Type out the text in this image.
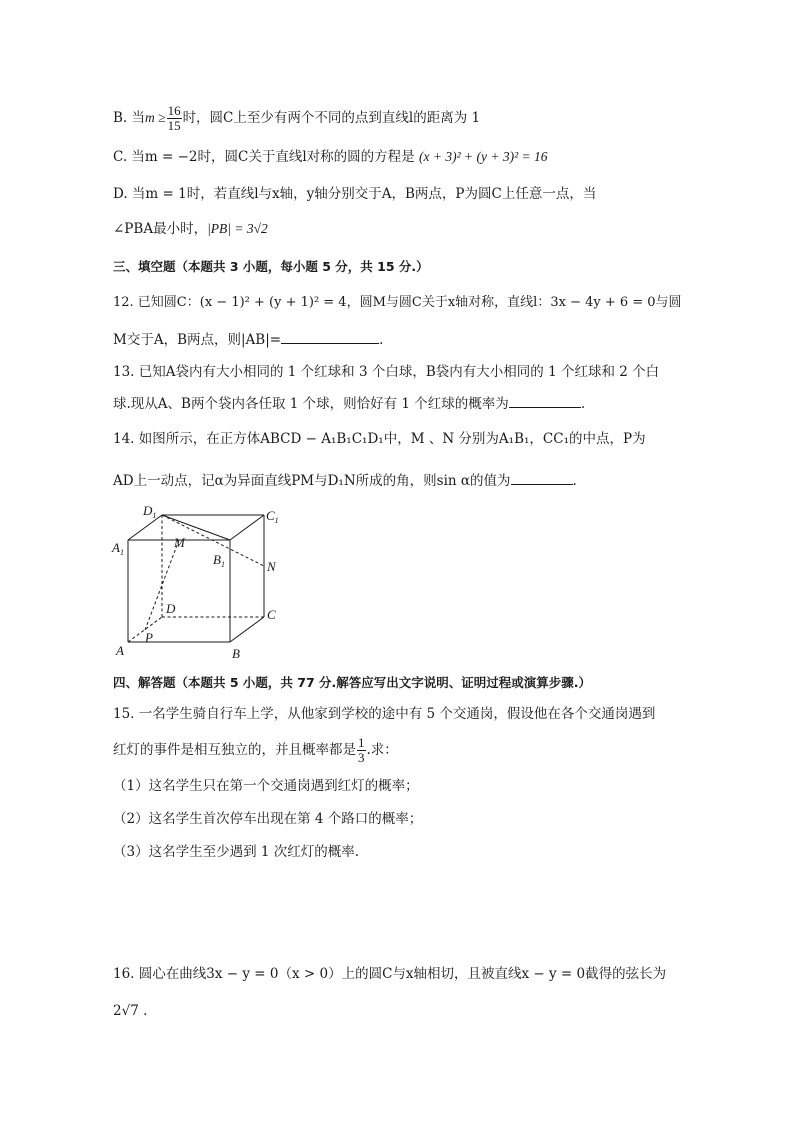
B. 当$m \ge \frac{16}{15}$ 时，圆C上至少有两个不同的点到直线l的距离为 1
C. 当m = −2时，圆C关于直线l对称的圆的方程是 (x + 3)² + (y + 3)² = 16
D. 当m = 1时，若直线l与x轴，y轴分别交于A，B两点，P为圆C上任意一点，当
∠PBA最小时，|PB| = 3√2
三、填空题（本题共 3 小题，每小题 5 分，共 15 分.）
12. 已知圆C：(x − 1)² + (y + 1)² = 4，圆M与圆C关于x轴对称，直线l：3x − 4y + 6 = 0与圆
M交于A，B两点，则|AB|=	.
13. 已知A袋内有大小相同的 1 个红球和 3 个白球，B袋内有大小相同的 1 个红球和 2 个白
球.现从A、B两个袋内各任取 1 个球，则恰好有 1 个红球的概率为	.
14. 如图所示，在正方体ABCD − A₁B₁C₁D₁中，M 、N 分别为A₁B₁，CC₁的中点，P为
AD上一动点，记α为异面直线PM与D₁N所成的角，则sin α的值为	.
$D_1$	$C_1$
$A_1$	$B_1$
M
N
D	C
A	B
P
四、解答题（本题共 5 小题，共 77 分.解答应写出文字说明、证明过程或演算步骤.）
15. 一名学生骑自行车上学，从他家到学校的途中有 5 个交通岗，假设他在各个交通岗遇到
红灯的事件是相互独立的，并且概率都是 $\frac{1}{3}$ .求：
（1）这名学生只在第一个交通岗遇到红灯的概率；
（2）这名学生首次停车出现在第 4 个路口的概率；
（3）这名学生至少遇到 1 次红灯的概率.
16. 圆心在曲线3x − y = 0（x > 0）上的圆C与x轴相切，且被直线x − y = 0截得的弦长为
2√7 .
